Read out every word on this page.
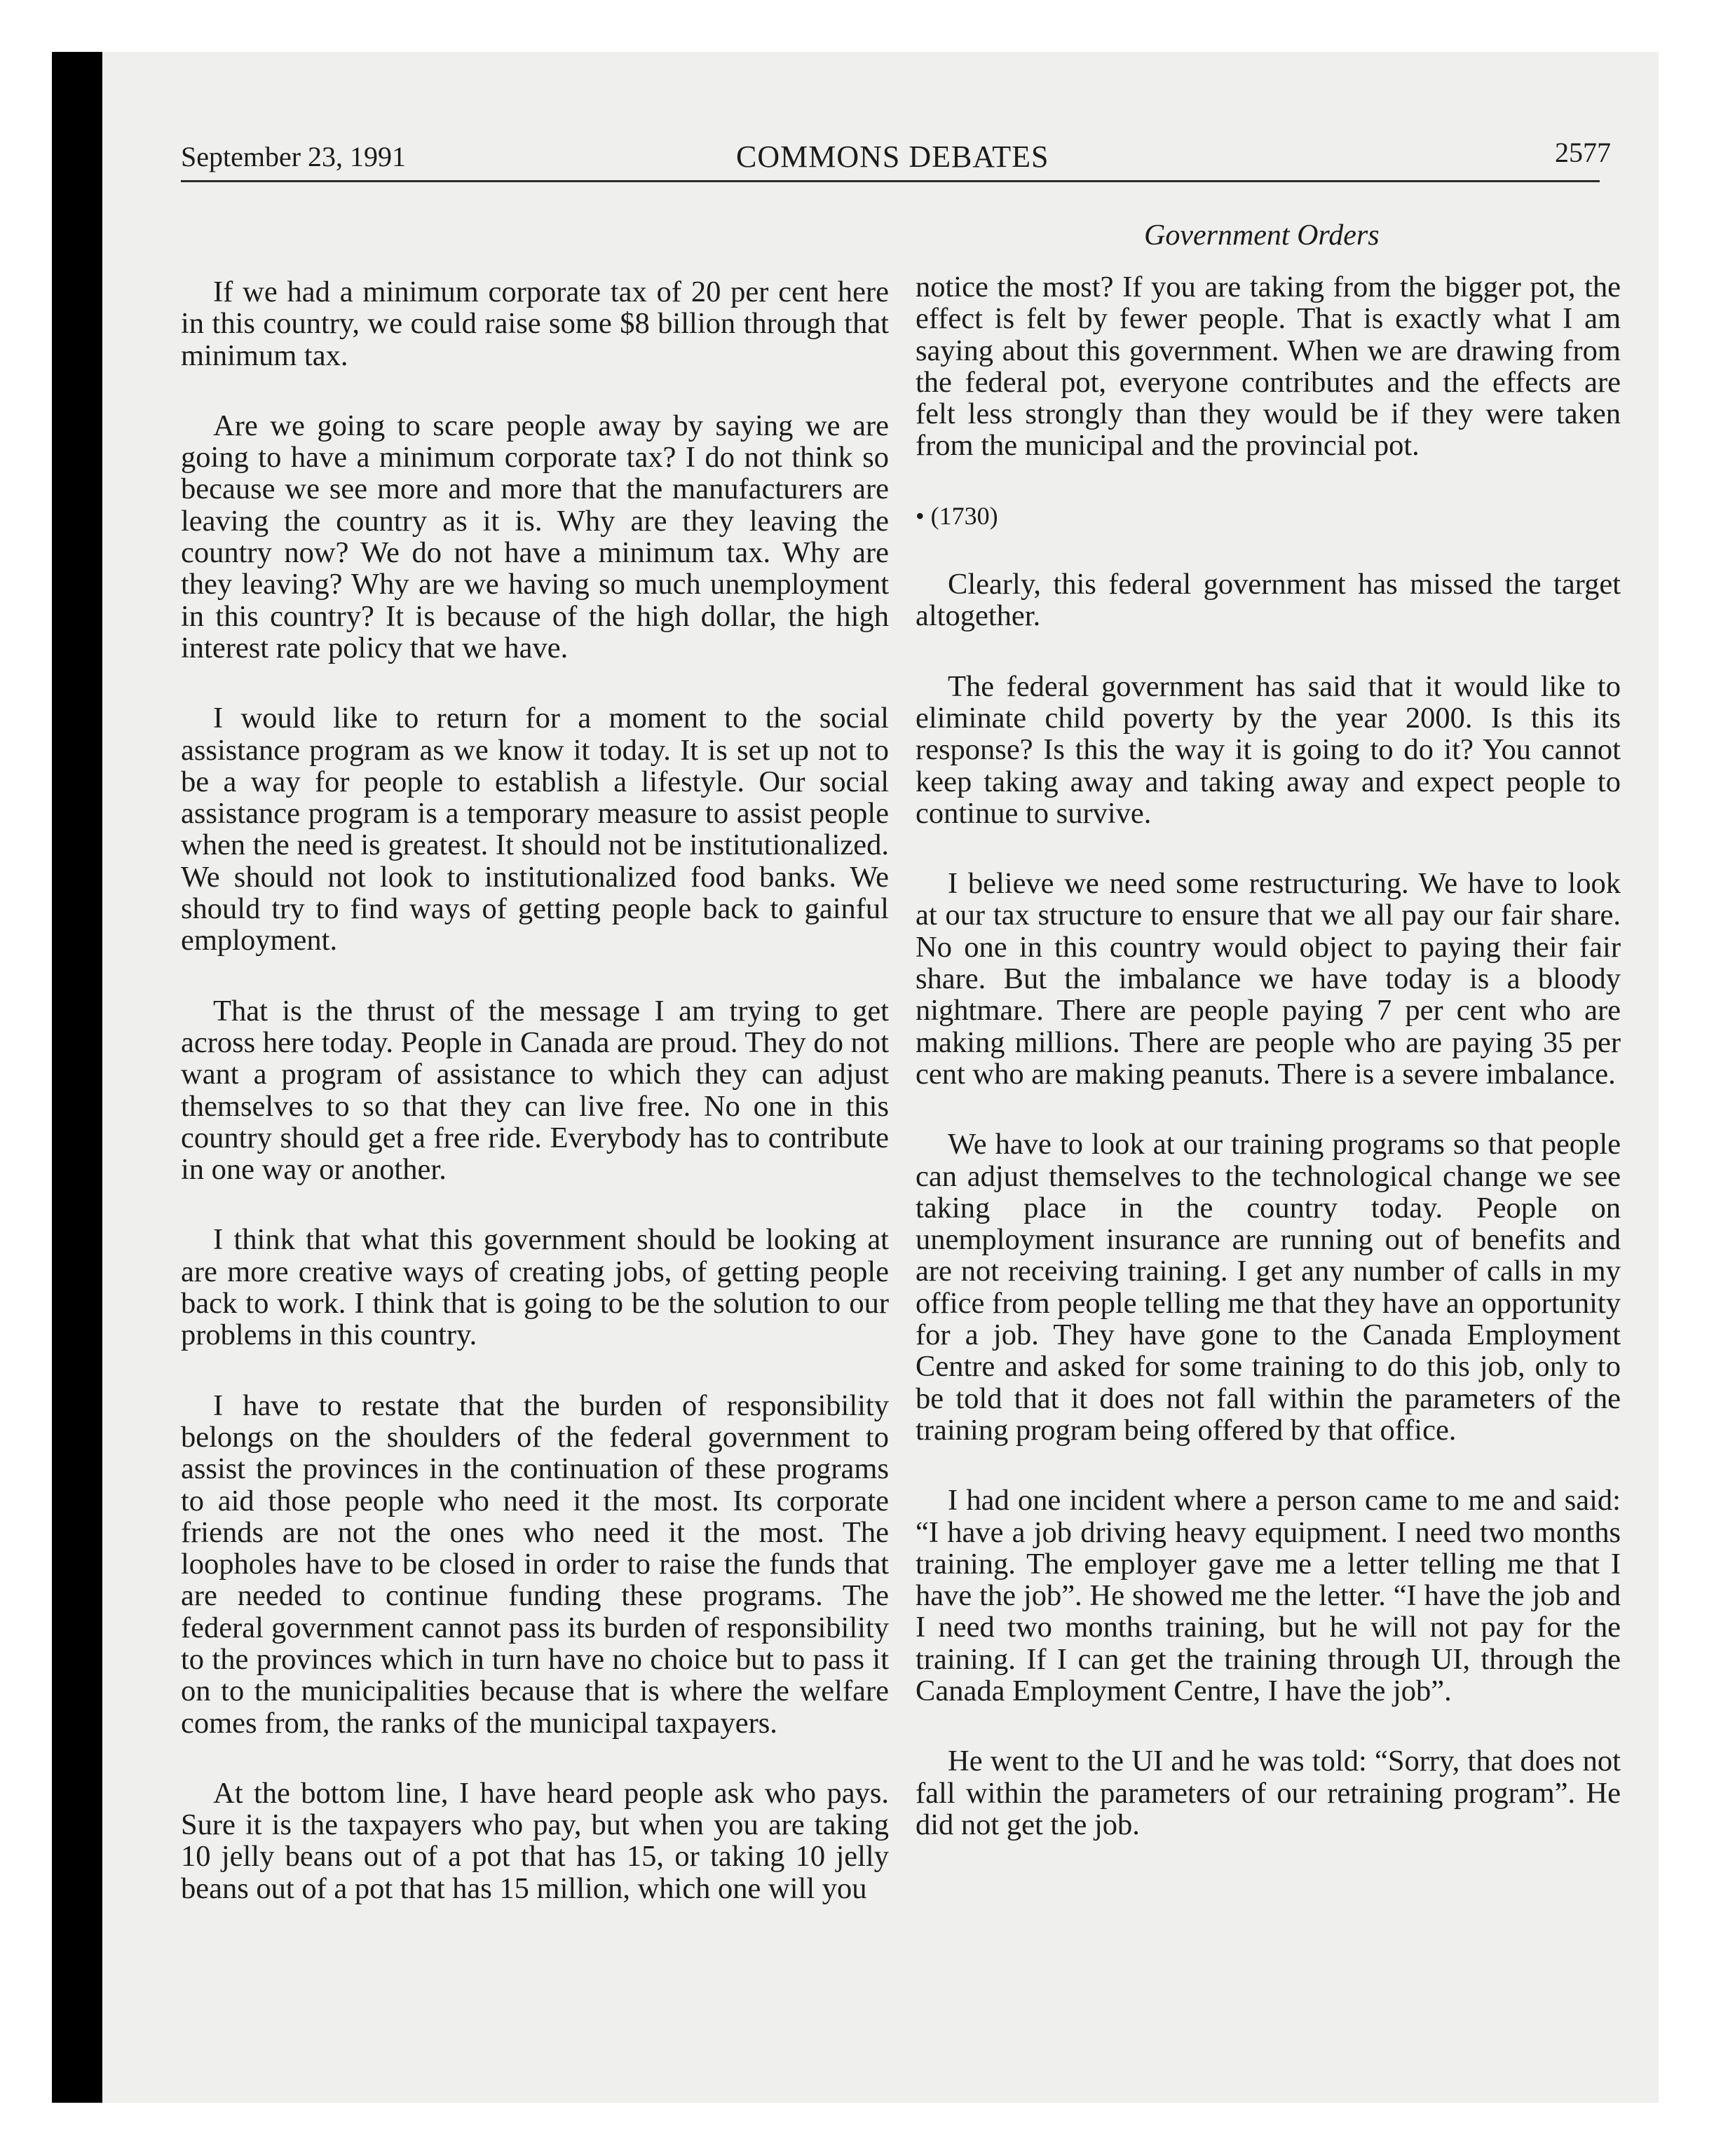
September 23, 1991	COMMONS DEBATES	2577
Government Orders

If we had a minimum corporate tax of 20 per cent here in this country, we could raise some $8 billion through that minimum tax.

Are we going to scare people away by saying we are going to have a minimum corporate tax? I do not think so because we see more and more that the manufacturers are leaving the country as it is. Why are they leaving the country now? We do not have a minimum tax. Why are they leaving? Why are we having so much unemployment in this country? It is because of the high dollar, the high interest rate policy that we have.

I would like to return for a moment to the social assistance program as we know it today. It is set up not to be a way for people to establish a lifestyle. Our social assistance program is a temporary measure to assist people when the need is greatest. It should not be institutionalized. We should not look to institutionalized food banks. We should try to find ways of getting people back to gainful employment.

That is the thrust of the message I am trying to get across here today. People in Canada are proud. They do not want a program of assistance to which they can adjust themselves to so that they can live free. No one in this country should get a free ride. Everybody has to contribute in one way or another.

I think that what this government should be looking at are more creative ways of creating jobs, of getting people back to work. I think that is going to be the solution to our problems in this country.

I have to restate that the burden of responsibility belongs on the shoulders of the federal government to assist the provinces in the continuation of these programs to aid those people who need it the most. Its corporate friends are not the ones who need it the most. The loopholes have to be closed in order to raise the funds that are needed to continue funding these programs. The federal government cannot pass its burden of responsibility to the provinces which in turn have no choice but to pass it on to the municipalities because that is where the welfare comes from, the ranks of the municipal taxpayers.

At the bottom line, I have heard people ask who pays. Sure it is the taxpayers who pay, but when you are taking 10 jelly beans out of a pot that has 15, or taking 10 jelly beans out of a pot that has 15 million, which one will you

notice the most? If you are taking from the bigger pot, the effect is felt by fewer people. That is exactly what I am saying about this government. When we are drawing from the federal pot, everyone contributes and the effects are felt less strongly than they would be if they were taken from the municipal and the provincial pot.

• (1730)

Clearly, this federal government has missed the target altogether.

The federal government has said that it would like to eliminate child poverty by the year 2000. Is this its response? Is this the way it is going to do it? You cannot keep taking away and taking away and expect people to continue to survive.

I believe we need some restructuring. We have to look at our tax structure to ensure that we all pay our fair share. No one in this country would object to paying their fair share. But the imbalance we have today is a bloody nightmare. There are people paying 7 per cent who are making millions. There are people who are paying 35 per cent who are making peanuts. There is a severe imbalance.

We have to look at our training programs so that people can adjust themselves to the technological change we see taking place in the country today. People on unemployment insurance are running out of benefits and are not receiving training. I get any number of calls in my office from people telling me that they have an opportunity for a job. They have gone to the Canada Employment Centre and asked for some training to do this job, only to be told that it does not fall within the parameters of the training program being offered by that office.

I had one incident where a person came to me and said: “I have a job driving heavy equipment. I need two months training. The employer gave me a letter telling me that I have the job”. He showed me the letter. “I have the job and I need two months training, but he will not pay for the training. If I can get the training through UI, through the Canada Employment Centre, I have the job”.

He went to the UI and he was told: “Sorry, that does not fall within the parameters of our retraining program”. He did not get the job.
